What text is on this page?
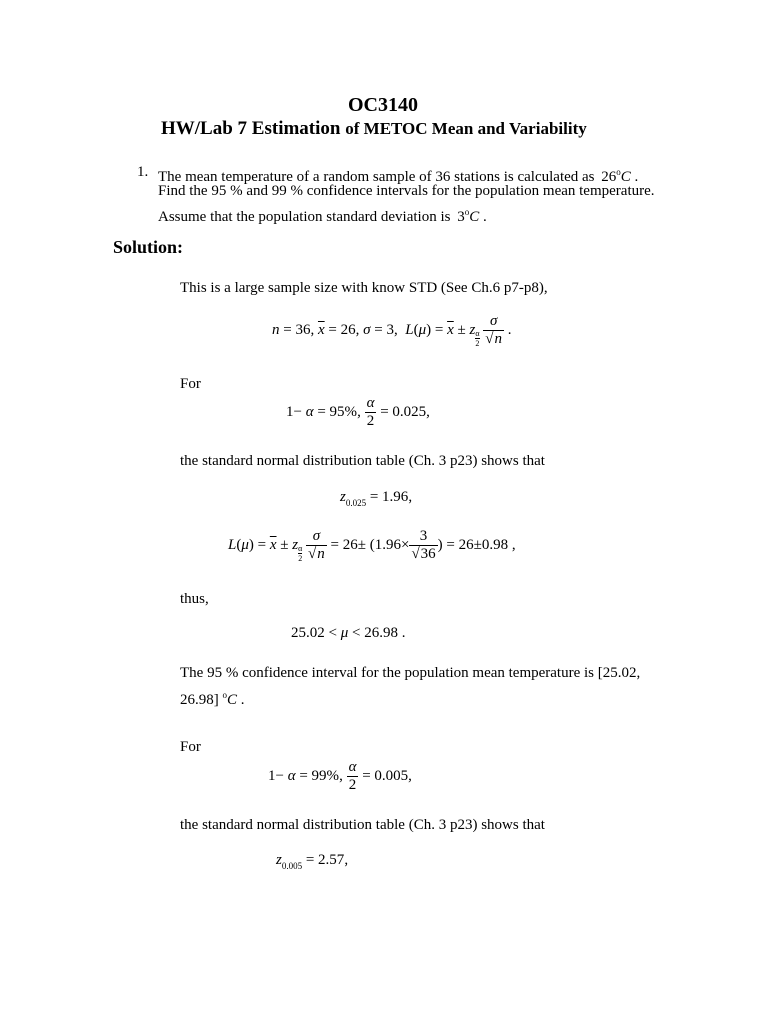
OC3140
HW/Lab 7 Estimation of METOC Mean and Variability
1. The mean temperature of a random sample of 36 stations is calculated as 26$^o$C .
Find the 95 % and 99 % confidence intervals for the population mean temperature.
Assume that the population standard deviation is 3$^o$C .
Solution:
This is a large sample size with know STD (See Ch.6 p7-p8),
n = 36, $\overline{x} = 26$, σ = 3,  $L(\mu) = \overline{x} \pm z \frac{\alpha}{2}$
$\frac{\sigma}{√n}$ .
For
1− α = 95%, $\frac{\alpha}{2} = 0.025$,
the standard normal distribution table (Ch. 3 p23) shows that
$z_{0.025} = 1.96$,
$L(\mu) = \overline{x} \pm z \frac{\alpha}{2}$
$\frac{\sigma}{√n} = 26\pm (1.96\times \frac{3}{√36}$ ) = 26±0.98 ,
thus,
25.02 < μ < 26.98 .
The 95 % confidence interval for the population mean temperature is [25.02,
26.98] $^o$C .
For
1− α = 99%, $\frac{\alpha}{2} = 0.005$,
the standard normal distribution table (Ch. 3 p23) shows that
$z_{0.005} = 2.57$,
